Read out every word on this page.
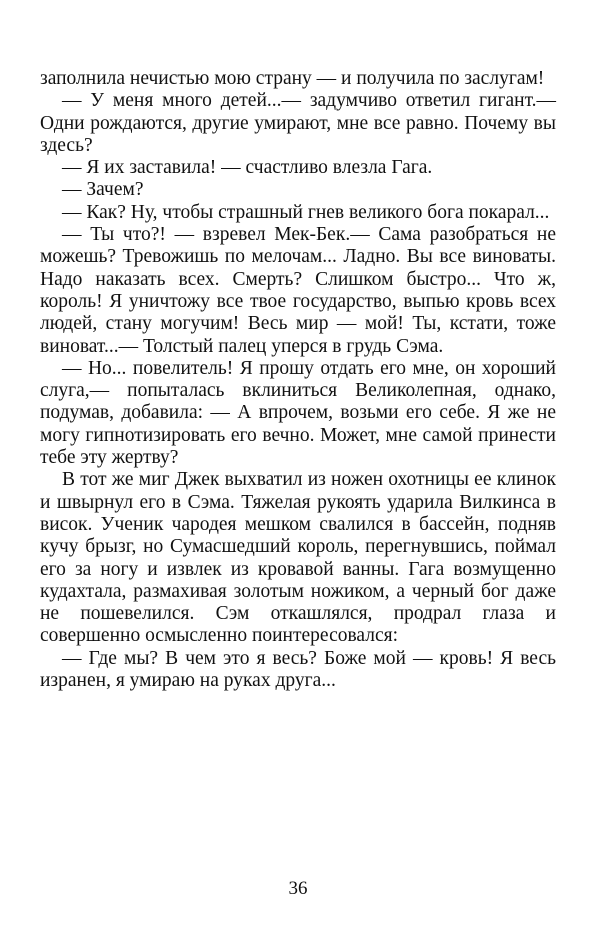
заполнила нечистью мою страну — и получила по заслугам!

— У меня много детей...— задумчиво ответил гигант.— Одни рождаются, другие умирают, мне все равно. Почему вы здесь?

— Я их заставила! — счастливо влезла Гага.

— Зачем?

— Как? Ну, чтобы страшный гнев великого бога покарал...

— Ты что?! — взревел Мек-Бек.— Сама разобраться не можешь? Тревожишь по мелочам... Ладно. Вы все виноваты. Надо наказать всех. Смерть? Слишком быстро... Что ж, король! Я уничтожу все твое государство, выпью кровь всех людей, стану могучим! Весь мир — мой! Ты, кстати, тоже виноват...— Толстый палец уперся в грудь Сэма.

— Но... повелитель! Я прошу отдать его мне, он хороший слуга,— попыталась вклиниться Великолепная, однако, подумав, добавила: — А впрочем, возьми его себе. Я же не могу гипнотизировать его вечно. Может, мне самой принести тебе эту жертву?

В тот же миг Джек выхватил из ножен охотницы ее клинок и швырнул его в Сэма. Тяжелая рукоять ударила Вилкинса в висок. Ученик чародея мешком свалился в бассейн, подняв кучу брызг, но Сумасшедший король, перегнувшись, поймал его за ногу и извлек из кровавой ванны. Гага возмущенно кудахтала, размахивая золотым ножиком, а черный бог даже не пошевелился. Сэм откашлялся, продрал глаза и совершенно осмысленно поинтересовался:

— Где мы? В чем это я весь? Боже мой — кровь! Я весь изранен, я умираю на руках друга...

36
